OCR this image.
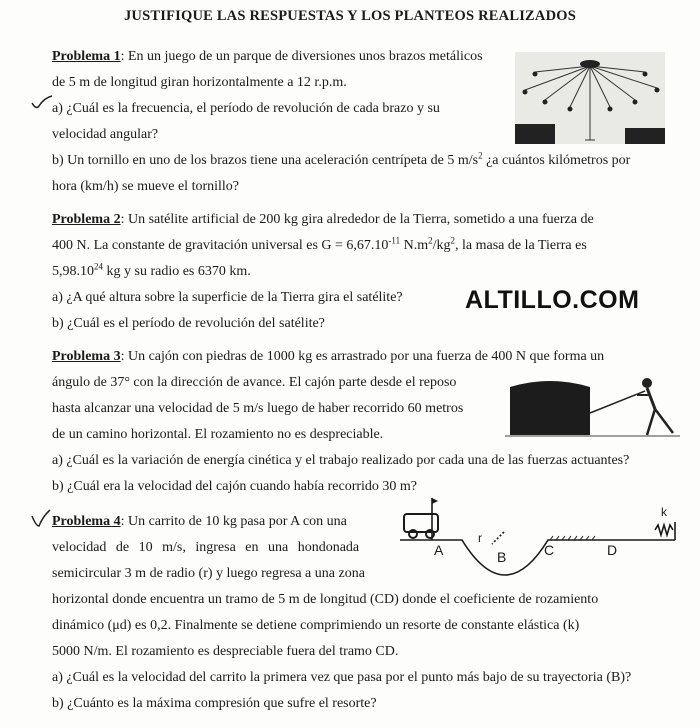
JUSTIFIQUE LAS RESPUESTAS Y LOS PLANTEOS REALIZADOS

Problema 1: En un juego de un parque de diversiones unos brazos metálicos

de 5 m de longitud giran horizontalmente a 12 r.p.m.

a) ¿Cuál es la frecuencia, el período de revolución de cada brazo y su

velocidad angular?

b) Un tornillo en uno de los brazos tiene una aceleración centrípeta de 5 $m/s^2$ ¿a cuántos kilómetros por

hora (km/h) se mueve el tornillo?

Problema 2: Un satélite artificial de 200 kg gira alrededor de la Tierra, sometido a una fuerza de

400 N. La constante de gravitación universal es $G = 6,67.10^{-11}$ $N.m^2/kg^2$, la masa de la Tierra es

5,98.10$^{24}$ kg y su radio es 6370 km.

a) ¿A qué altura sobre la superficie de la Tierra gira el satélite?

b) ¿Cuál es el período de revolución del satélite?

ALTILLO.COM

Problema 3: Un cajón con piedras de 1000 kg es arrastrado por una fuerza de 400 N que forma un

ángulo de 37° con la dirección de avance. El cajón parte desde el reposo

hasta alcanzar una velocidad de 5 m/s luego de haber recorrido 60 metros

de un camino horizontal. El rozamiento no es despreciable.

a) ¿Cuál es la variación de energía cinética y el trabajo realizado por cada una de las fuerzas actuantes?

b) ¿Cuál era la velocidad del cajón cuando había recorrido 30 m?

Problema 4: Un carrito de 10 kg pasa por A con una

velocidad de 10 m/s, ingresa en una hondonada

semicircular 3 m de radio (r) y luego regresa a una zona

horizontal donde encuentra un tramo de 5 m de longitud (CD) donde el coeficiente de rozamiento

dinámico (μd) es 0,2. Finalmente se detiene comprimiendo un resorte de constante elástica (k)

5000 N/m. El rozamiento es despreciable fuera del tramo CD.

a) ¿Cuál es la velocidad del carrito la primera vez que pasa por el punto más bajo de su trayectoria (B)?

b) ¿Cuánto es la máxima compresión que sufre el resorte?

A	B	C	D
r
k
